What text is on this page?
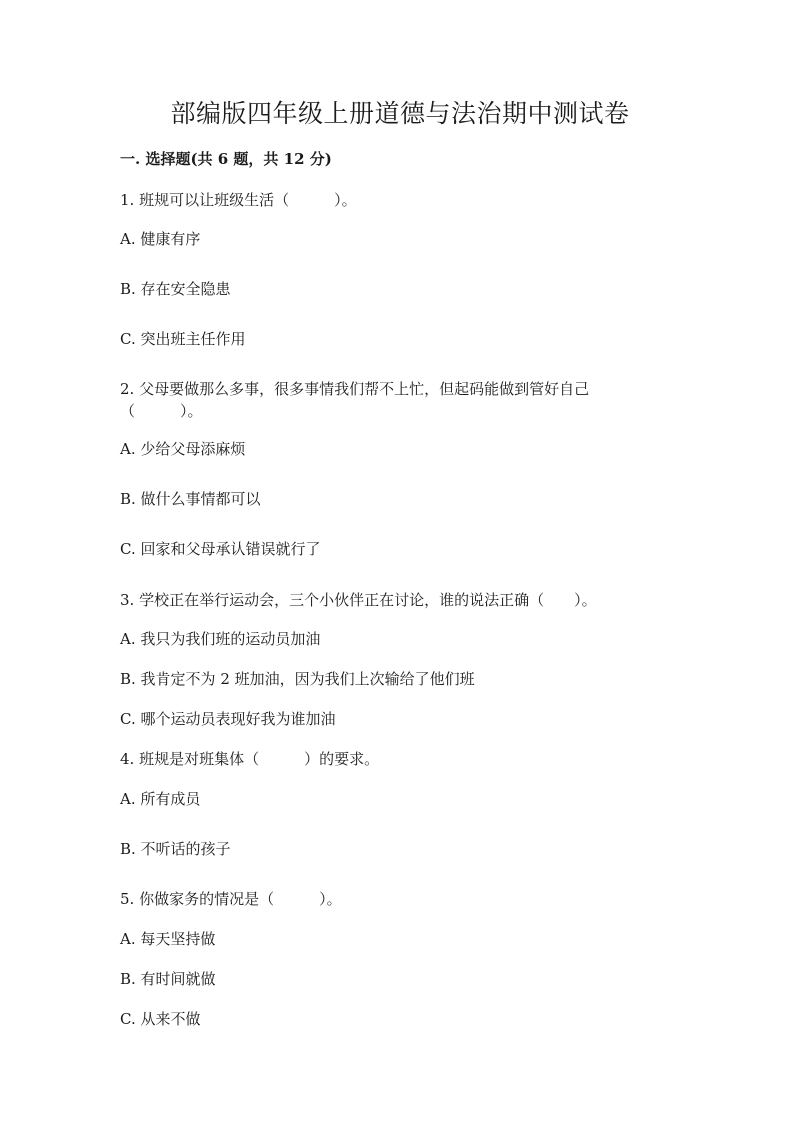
部编版四年级上册道德与法治期中测试卷
一. 选择题(共 6 题，共 12 分)
1. 班规可以让班级生活（　　　）。
A. 健康有序
B. 存在安全隐患
C. 突出班主任作用
2. 父母要做那么多事，很多事情我们帮不上忙，但起码能做到管好自己
（　　　）。
A. 少给父母添麻烦
B. 做什么事情都可以
C. 回家和父母承认错误就行了
3. 学校正在举行运动会，三个小伙伴正在讨论，谁的说法正确（　　）。
A. 我只为我们班的运动员加油
B. 我肯定不为 2 班加油，因为我们上次输给了他们班
C. 哪个运动员表现好我为谁加油
4. 班规是对班集体（　　　）的要求。
A. 所有成员
B. 不听话的孩子
5. 你做家务的情况是（　　　）。
A. 每天坚持做
B. 有时间就做
C. 从来不做
